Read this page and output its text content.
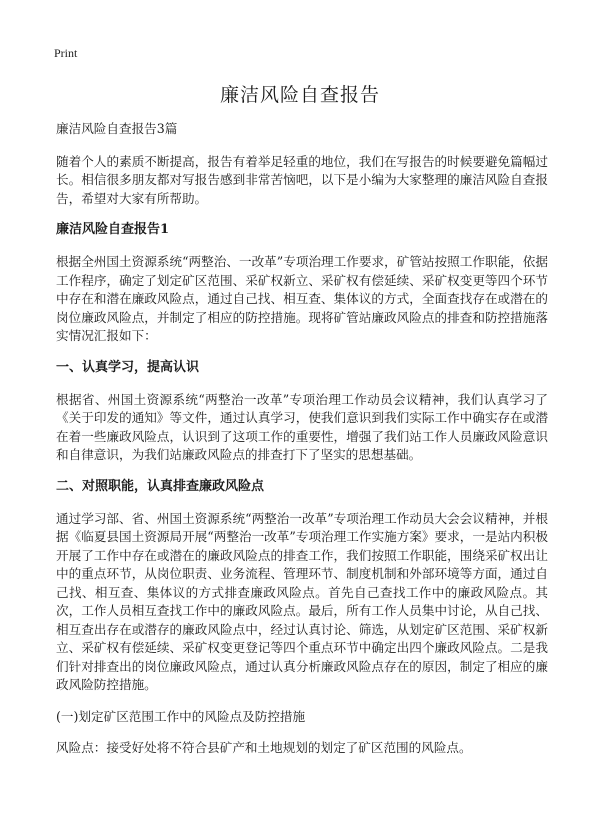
Print
廉洁风险自查报告

廉洁风险自查报告3篇

随着个人的素质不断提高，报告有着举足轻重的地位，我们在写报告的时候要避免篇幅过长。相信很多朋友都对写报告感到非常苦恼吧，以下是小编为大家整理的廉洁风险自查报告，希望对大家有所帮助。

廉洁风险自查报告1

根据全州国土资源系统“两整治、一改革”专项治理工作要求，矿管站按照工作职能，依据工作程序，确定了划定矿区范围、采矿权新立、采矿权有偿延续、采矿权变更等四个环节中存在和潜在廉政风险点，通过自己找、相互查、集体议的方式，全面查找存在或潜在的岗位廉政风险点，并制定了相应的防控措施。现将矿管站廉政风险点的排查和防控措施落实情况汇报如下：

一、认真学习，提高认识

根据省、州国土资源系统“两整治一改革”专项治理工作动员会议精神，我们认真学习了《关于印发的通知》等文件，通过认真学习，使我们意识到我们实际工作中确实存在或潜在着一些廉政风险点，认识到了这项工作的重要性，增强了我们站工作人员廉政风险意识和自律意识，为我们站廉政风险点的排查打下了坚实的思想基础。

二、对照职能，认真排查廉政风险点

通过学习部、省、州国土资源系统“两整治一改革”专项治理工作动员大会会议精神，并根据《临夏县国土资源局开展“两整治一改革”专项治理工作实施方案》要求，一是站内积极开展了工作中存在或潜在的廉政风险点的排查工作，我们按照工作职能，围绕采矿权出让中的重点环节，从岗位职责、业务流程、管理环节、制度机制和外部环境等方面，通过自己找、相互查、集体议的方式排查廉政风险点。首先自己查找工作中的廉政风险点。其次，工作人员相互查找工作中的廉政风险点。最后，所有工作人员集中讨论，从自己找、相互查出存在或潜存的廉政风险点中，经过认真讨论、筛选，从划定矿区范围、采矿权新立、采矿权有偿延续、采矿权变更登记等四个重点环节中确定出四个廉政风险点。二是我们针对排查出的岗位廉政风险点，通过认真分析廉政风险点存在的原因，制定了相应的廉政风险防控措施。

(一)划定矿区范围工作中的风险点及防控措施

风险点：接受好处将不符合县矿产和土地规划的划定了矿区范围的风险点。
